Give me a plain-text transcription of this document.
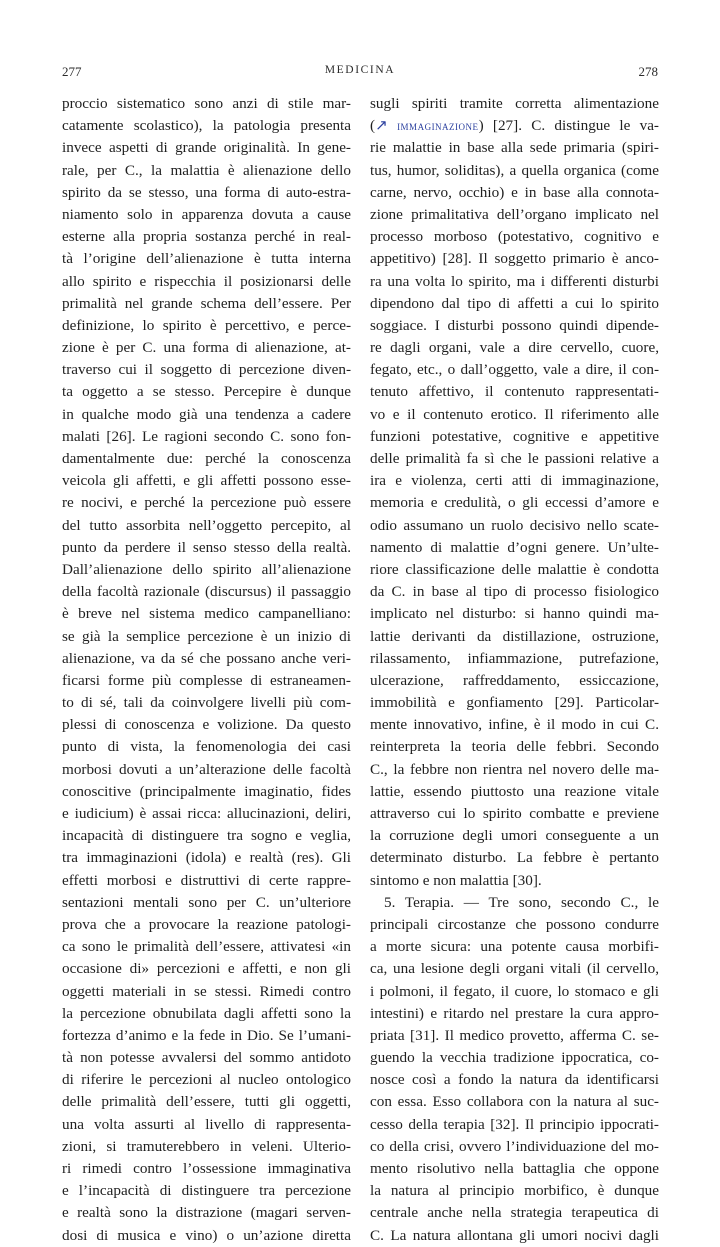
277	MEDICINA	278
proccio sistematico sono anzi di stile mar-
catamente scolastico), la patologia presenta
invece aspetti di grande originalità. In gene-
rale, per C., la malattia è alienazione dello
spirito da se stesso, una forma di auto-estra-
niamento solo in apparenza dovuta a cause
esterne alla propria sostanza perché in real-
tà l’origine dell’alienazione è tutta interna
allo spirito e rispecchia il posizionarsi delle
primalità nel grande schema dell’essere. Per
definizione, lo spirito è percettivo, e perce-
zione è per C. una forma di alienazione, at-
traverso cui il soggetto di percezione diven-
ta oggetto a se stesso. Percepire è dunque
in qualche modo già una tendenza a cadere
malati [26]. Le ragioni secondo C. sono fon-
damentalmente due: perché la conoscenza
veicola gli affetti, e gli affetti possono esse-
re nocivi, e perché la percezione può essere
del tutto assorbita nell’oggetto percepito, al
punto da perdere il senso stesso della realtà.
Dall’alienazione dello spirito all’alienazione
della facoltà razionale (discursus) il passaggio
è breve nel sistema medico campanelliano:
se già la semplice percezione è un inizio di
alienazione, va da sé che possano anche veri-
ficarsi forme più complesse di estraneamen-
to di sé, tali da coinvolgere livelli più com-
plessi di conoscenza e volizione. Da questo
punto di vista, la fenomenologia dei casi
morbosi dovuti a un’alterazione delle facoltà
conoscitive (principalmente imaginatio, fides
e iudicium) è assai ricca: allucinazioni, deliri,
incapacità di distinguere tra sogno e veglia,
tra immaginazioni (idola) e realtà (res). Gli
effetti morbosi e distruttivi di certe rappre-
sentazioni mentali sono per C. un’ulteriore
prova che a provocare la reazione patologi-
ca sono le primalità dell’essere, attivatesi «in
occasione di» percezioni e affetti, e non gli
oggetti materiali in se stessi. Rimedi contro
la percezione obnubilata dagli affetti sono la
fortezza d’animo e la fede in Dio. Se l’umani-
tà non potesse avvalersi del sommo antidoto
di riferire le percezioni al nucleo ontologico
delle primalità dell’essere, tutti gli oggetti,
una volta assurti al livello di rappresenta-
zioni, si tramuterebbero in veleni. Ulterio-
ri rimedi contro l’ossessione immaginativa
e l’incapacità di distinguere tra percezione
e realtà sono la distrazione (magari serven-
dosi di musica e vino) o un’azione diretta
sugli spiriti tramite corretta alimentazione
(↗ immaginazione) [27]. C. distingue le va-
rie malattie in base alla sede primaria (spiri-
tus, humor, soliditas), a quella organica (come
carne, nervo, occhio) e in base alla connota-
zione primalitativa dell’organo implicato nel
processo morboso (potestativo, cognitivo e
appetitivo) [28]. Il soggetto primario è anco-
ra una volta lo spirito, ma i differenti disturbi
dipendono dal tipo di affetti a cui lo spirito
soggiace. I disturbi possono quindi dipende-
re dagli organi, vale a dire cervello, cuore,
fegato, etc., o dall’oggetto, vale a dire, il con-
tenuto affettivo, il contenuto rappresentati-
vo e il contenuto erotico. Il riferimento alle
funzioni potestative, cognitive e appetitive
delle primalità fa sì che le passioni relative a
ira e violenza, certi atti di immaginazione,
memoria e credulità, o gli eccessi d’amore e
odio assumano un ruolo decisivo nello scate-
namento di malattie d’ogni genere. Un’ulte-
riore classificazione delle malattie è condotta
da C. in base al tipo di processo fisiologico
implicato nel disturbo: si hanno quindi ma-
lattie derivanti da distillazione, ostruzione,
rilassamento, infiammazione, putrefazione,
ulcerazione, raffreddamento, essiccazione,
immobilità e gonfiamento [29]. Particolar-
mente innovativo, infine, è il modo in cui C.
reinterpreta la teoria delle febbri. Secondo
C., la febbre non rientra nel novero delle ma-
lattie, essendo piuttosto una reazione vitale
attraverso cui lo spirito combatte e previene
la corruzione degli umori conseguente a un
determinato disturbo. La febbre è pertanto
sintomo e non malattia [30].
5. Terapia. — Tre sono, secondo C., le
principali circostanze che possono condurre
a morte sicura: una potente causa morbifi-
ca, una lesione degli organi vitali (il cervello,
i polmoni, il fegato, il cuore, lo stomaco e gli
intestini) e ritardo nel prestare la cura appro-
priata [31]. Il medico provetto, afferma C. se-
guendo la vecchia tradizione ippocratica, co-
nosce così a fondo la natura da identificarsi
con essa. Esso collabora con la natura al suc-
cesso della terapia [32]. Il principio ippocrati-
co della crisi, ovvero l’individuazione del mo-
mento risolutivo nella battaglia che oppone
la natura al principio morbifico, è dunque
centrale anche nella strategia terapeutica di
C. La natura allontana gli umori nocivi dagli
